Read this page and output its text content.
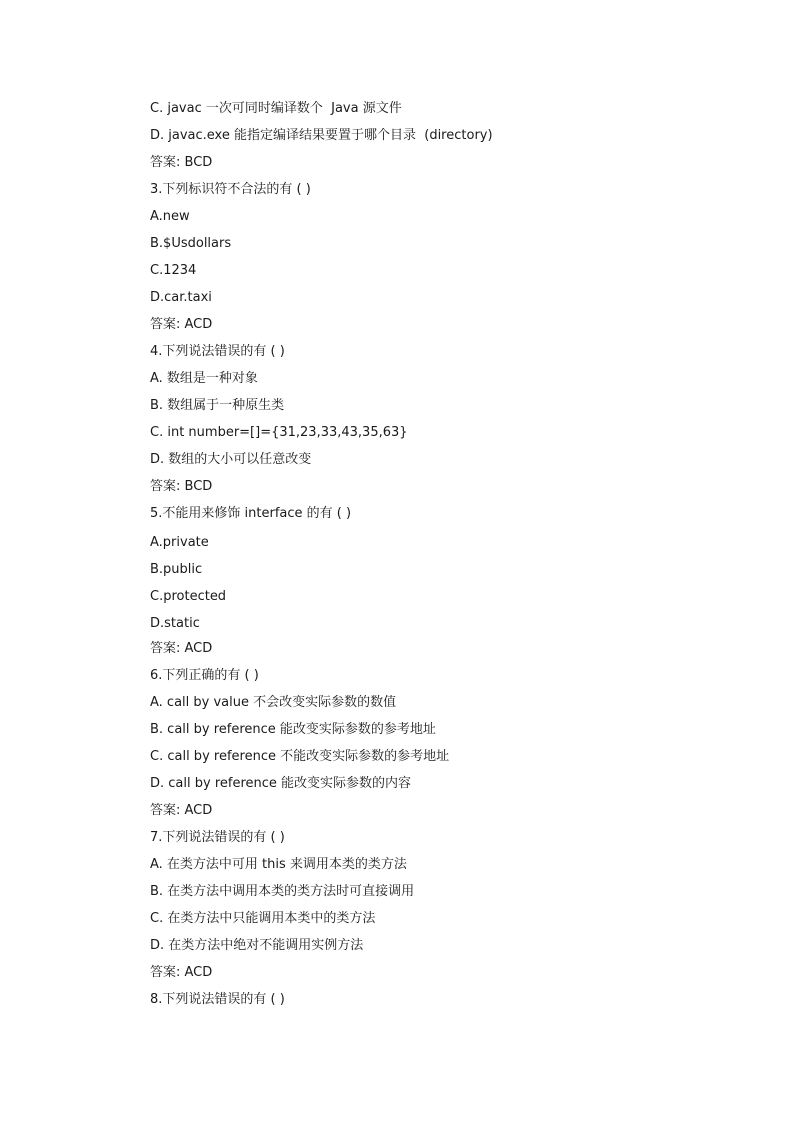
C. javac 一次可同时编译数个  Java 源文件
D. javac.exe 能指定编译结果要置于哪个目录  (directory)
答案: BCD
3.下列标识符不合法的有 ( )
A.new
B.$Usdollars
C.1234
D.car.taxi
答案: ACD
4.下列说法错误的有 ( )
A. 数组是一种对象
B. 数组属于一种原生类
C. int number=[]={31,23,33,43,35,63}
D. 数组的大小可以任意改变
答案: BCD
5.不能用来修饰 interface 的有 ( )
A.private
B.public
C.protected
D.static
答案: ACD
6.下列正确的有 ( )
A. call by value 不会改变实际参数的数值
B. call by reference 能改变实际参数的参考地址
C. call by reference 不能改变实际参数的参考地址
D. call by reference 能改变实际参数的内容
答案: ACD
7.下列说法错误的有 ( )
A. 在类方法中可用 this 来调用本类的类方法
B. 在类方法中调用本类的类方法时可直接调用
C. 在类方法中只能调用本类中的类方法
D. 在类方法中绝对不能调用实例方法
答案: ACD
8.下列说法错误的有 ( )
